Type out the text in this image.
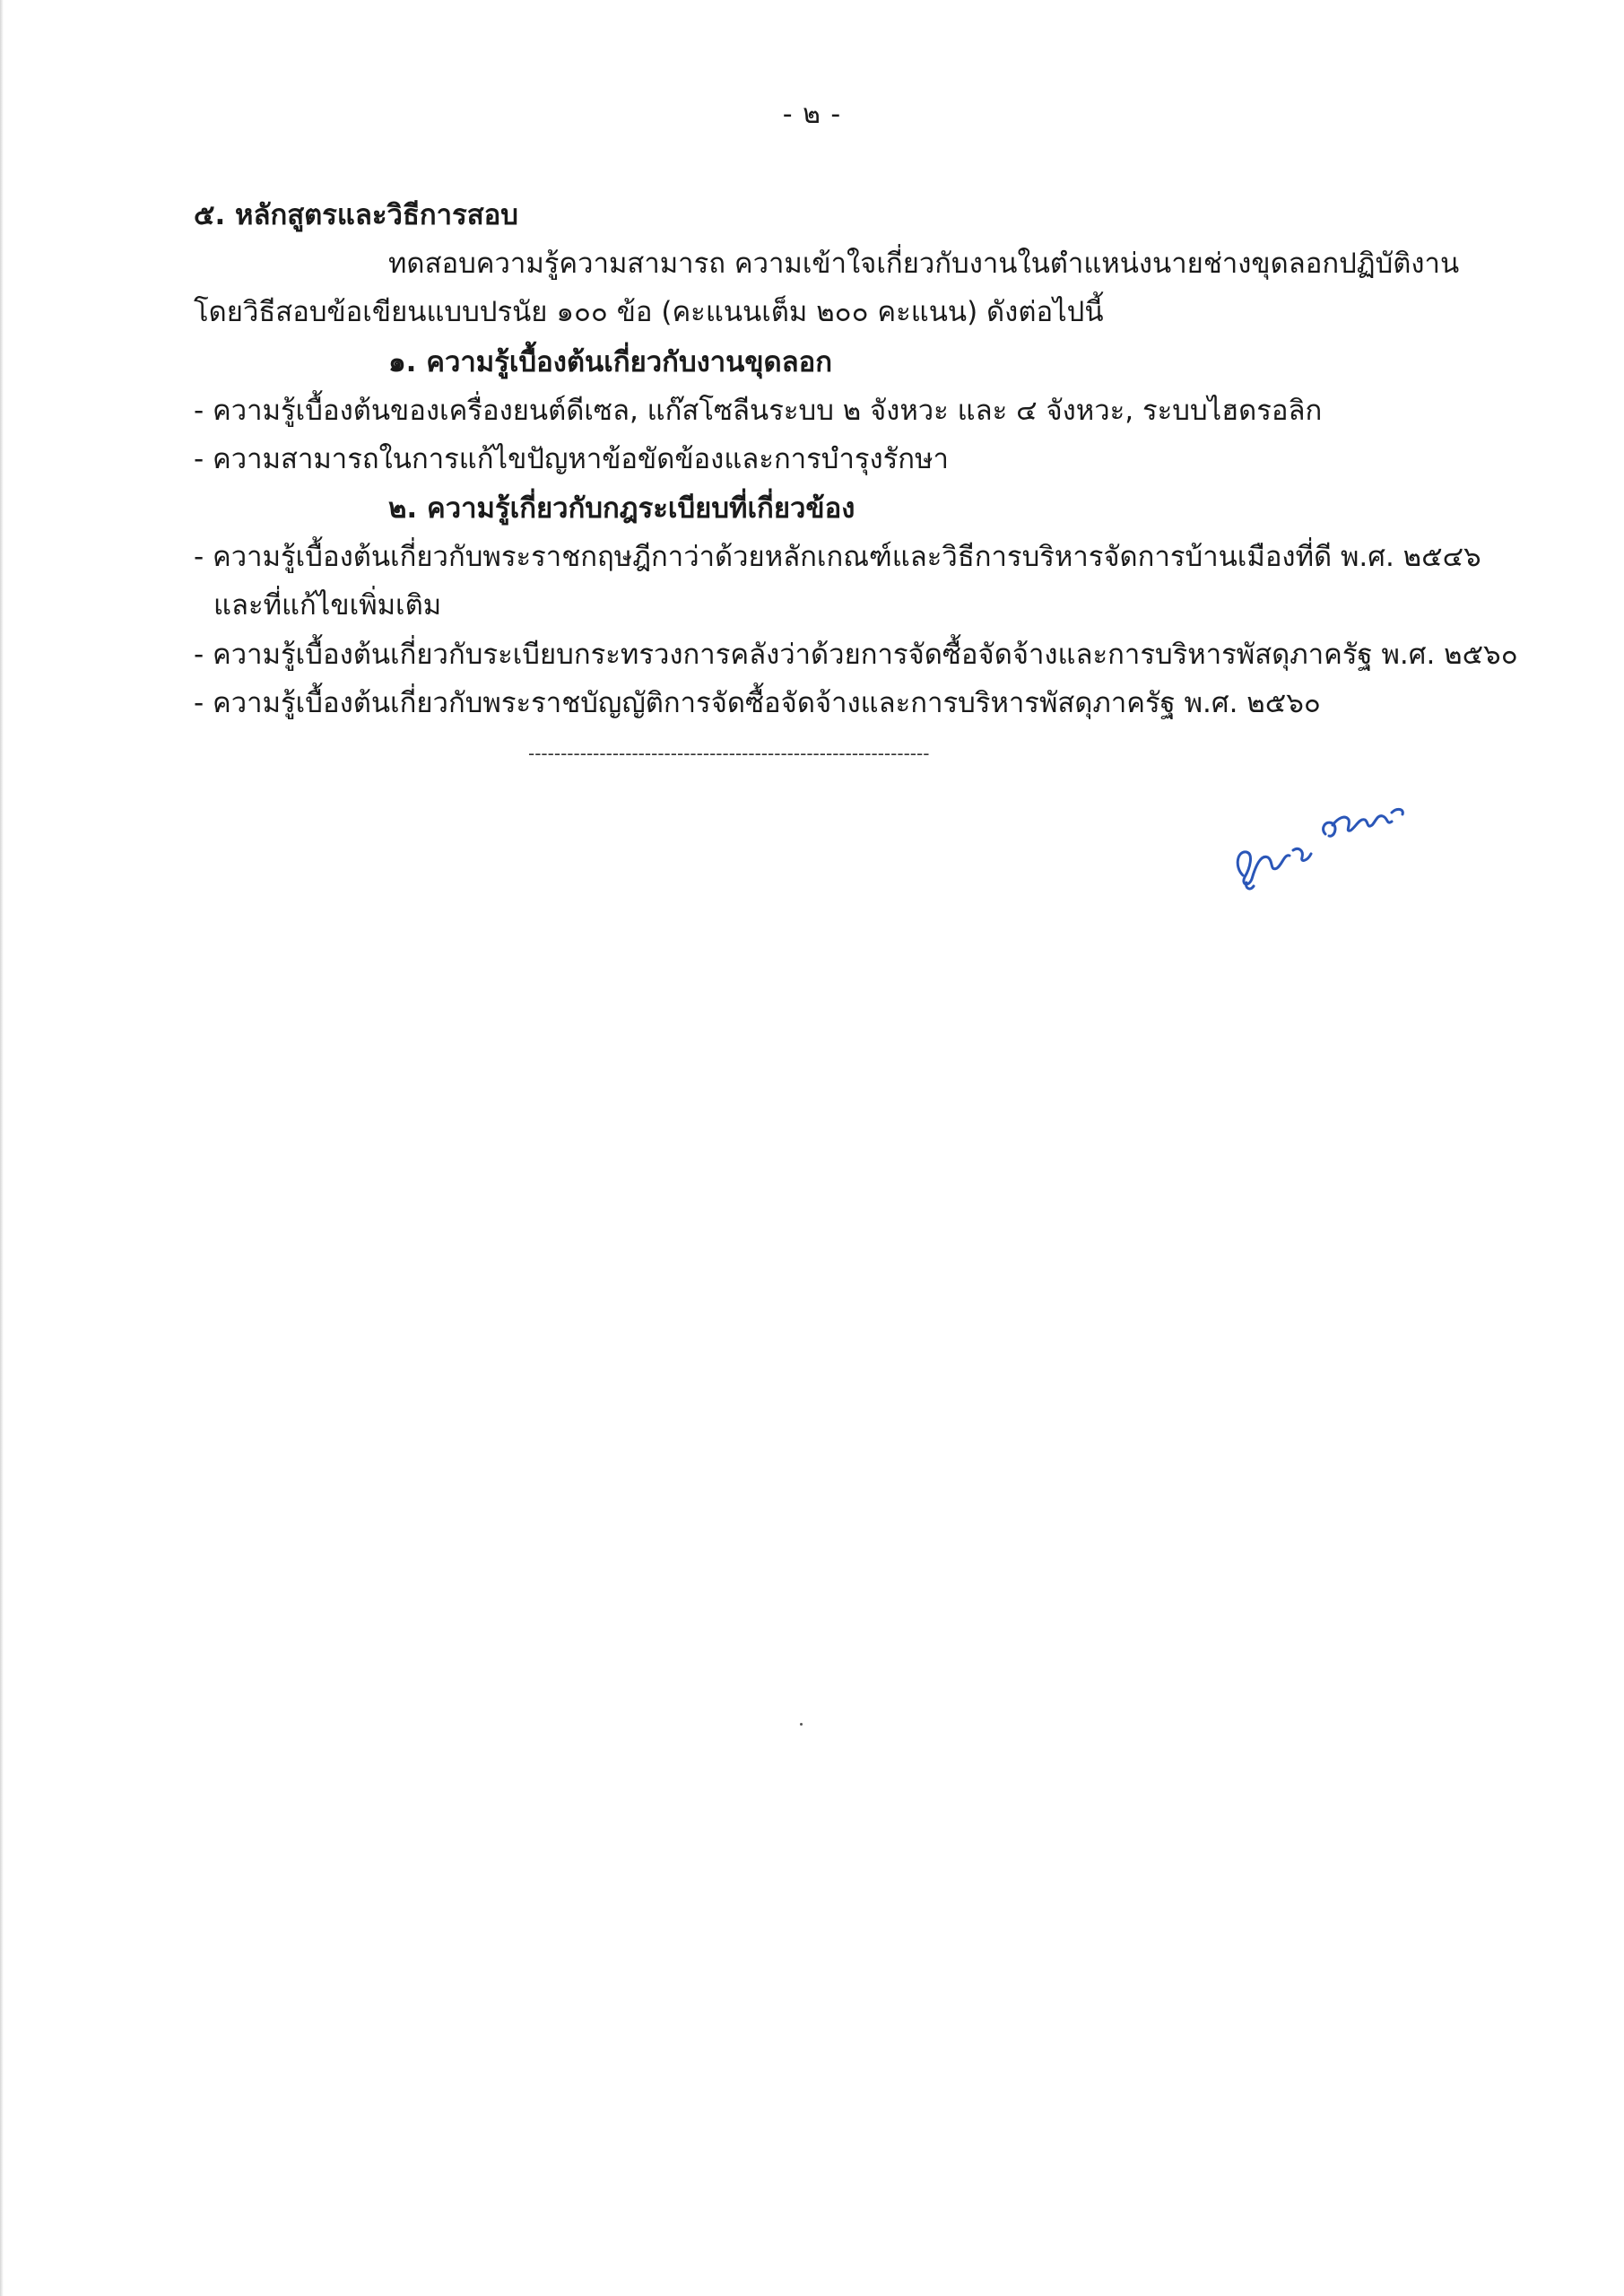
- ๒ -
๕. หลักสูตรและวิธีการสอบ
ทดสอบความรู้ความสามารถ ความเข้าใจเกี่ยวกับงานในตำแหน่งนายช่างขุดลอกปฏิบัติงาน
โดยวิธีสอบข้อเขียนแบบปรนัย ๑๐๐ ข้อ (คะแนนเต็ม ๒๐๐ คะแนน) ดังต่อไปนี้
๑. ความรู้เบื้องต้นเกี่ยวกับงานขุดลอก
- ความรู้เบื้องต้นของเครื่องยนต์ดีเซล, แก๊สโซลีนระบบ ๒ จังหวะ และ ๔ จังหวะ, ระบบไฮดรอลิก
- ความสามารถในการแก้ไขปัญหาข้อขัดข้องและการบำรุงรักษา
๒. ความรู้เกี่ยวกับกฎระเบียบที่เกี่ยวข้อง
- ความรู้เบื้องต้นเกี่ยวกับพระราชกฤษฎีกาว่าด้วยหลักเกณฑ์และวิธีการบริหารจัดการบ้านเมืองที่ดี พ.ศ. ๒๕๔๖
และที่แก้ไขเพิ่มเติม
- ความรู้เบื้องต้นเกี่ยวกับระเบียบกระทรวงการคลังว่าด้วยการจัดซื้อจัดจ้างและการบริหารพัสดุภาครัฐ พ.ศ. ๒๕๖๐
- ความรู้เบื้องต้นเกี่ยวกับพระราชบัญญัติการจัดซื้อจัดจ้างและการบริหารพัสดุภาครัฐ พ.ศ. ๒๕๖๐
--------------------------------------------------------------
